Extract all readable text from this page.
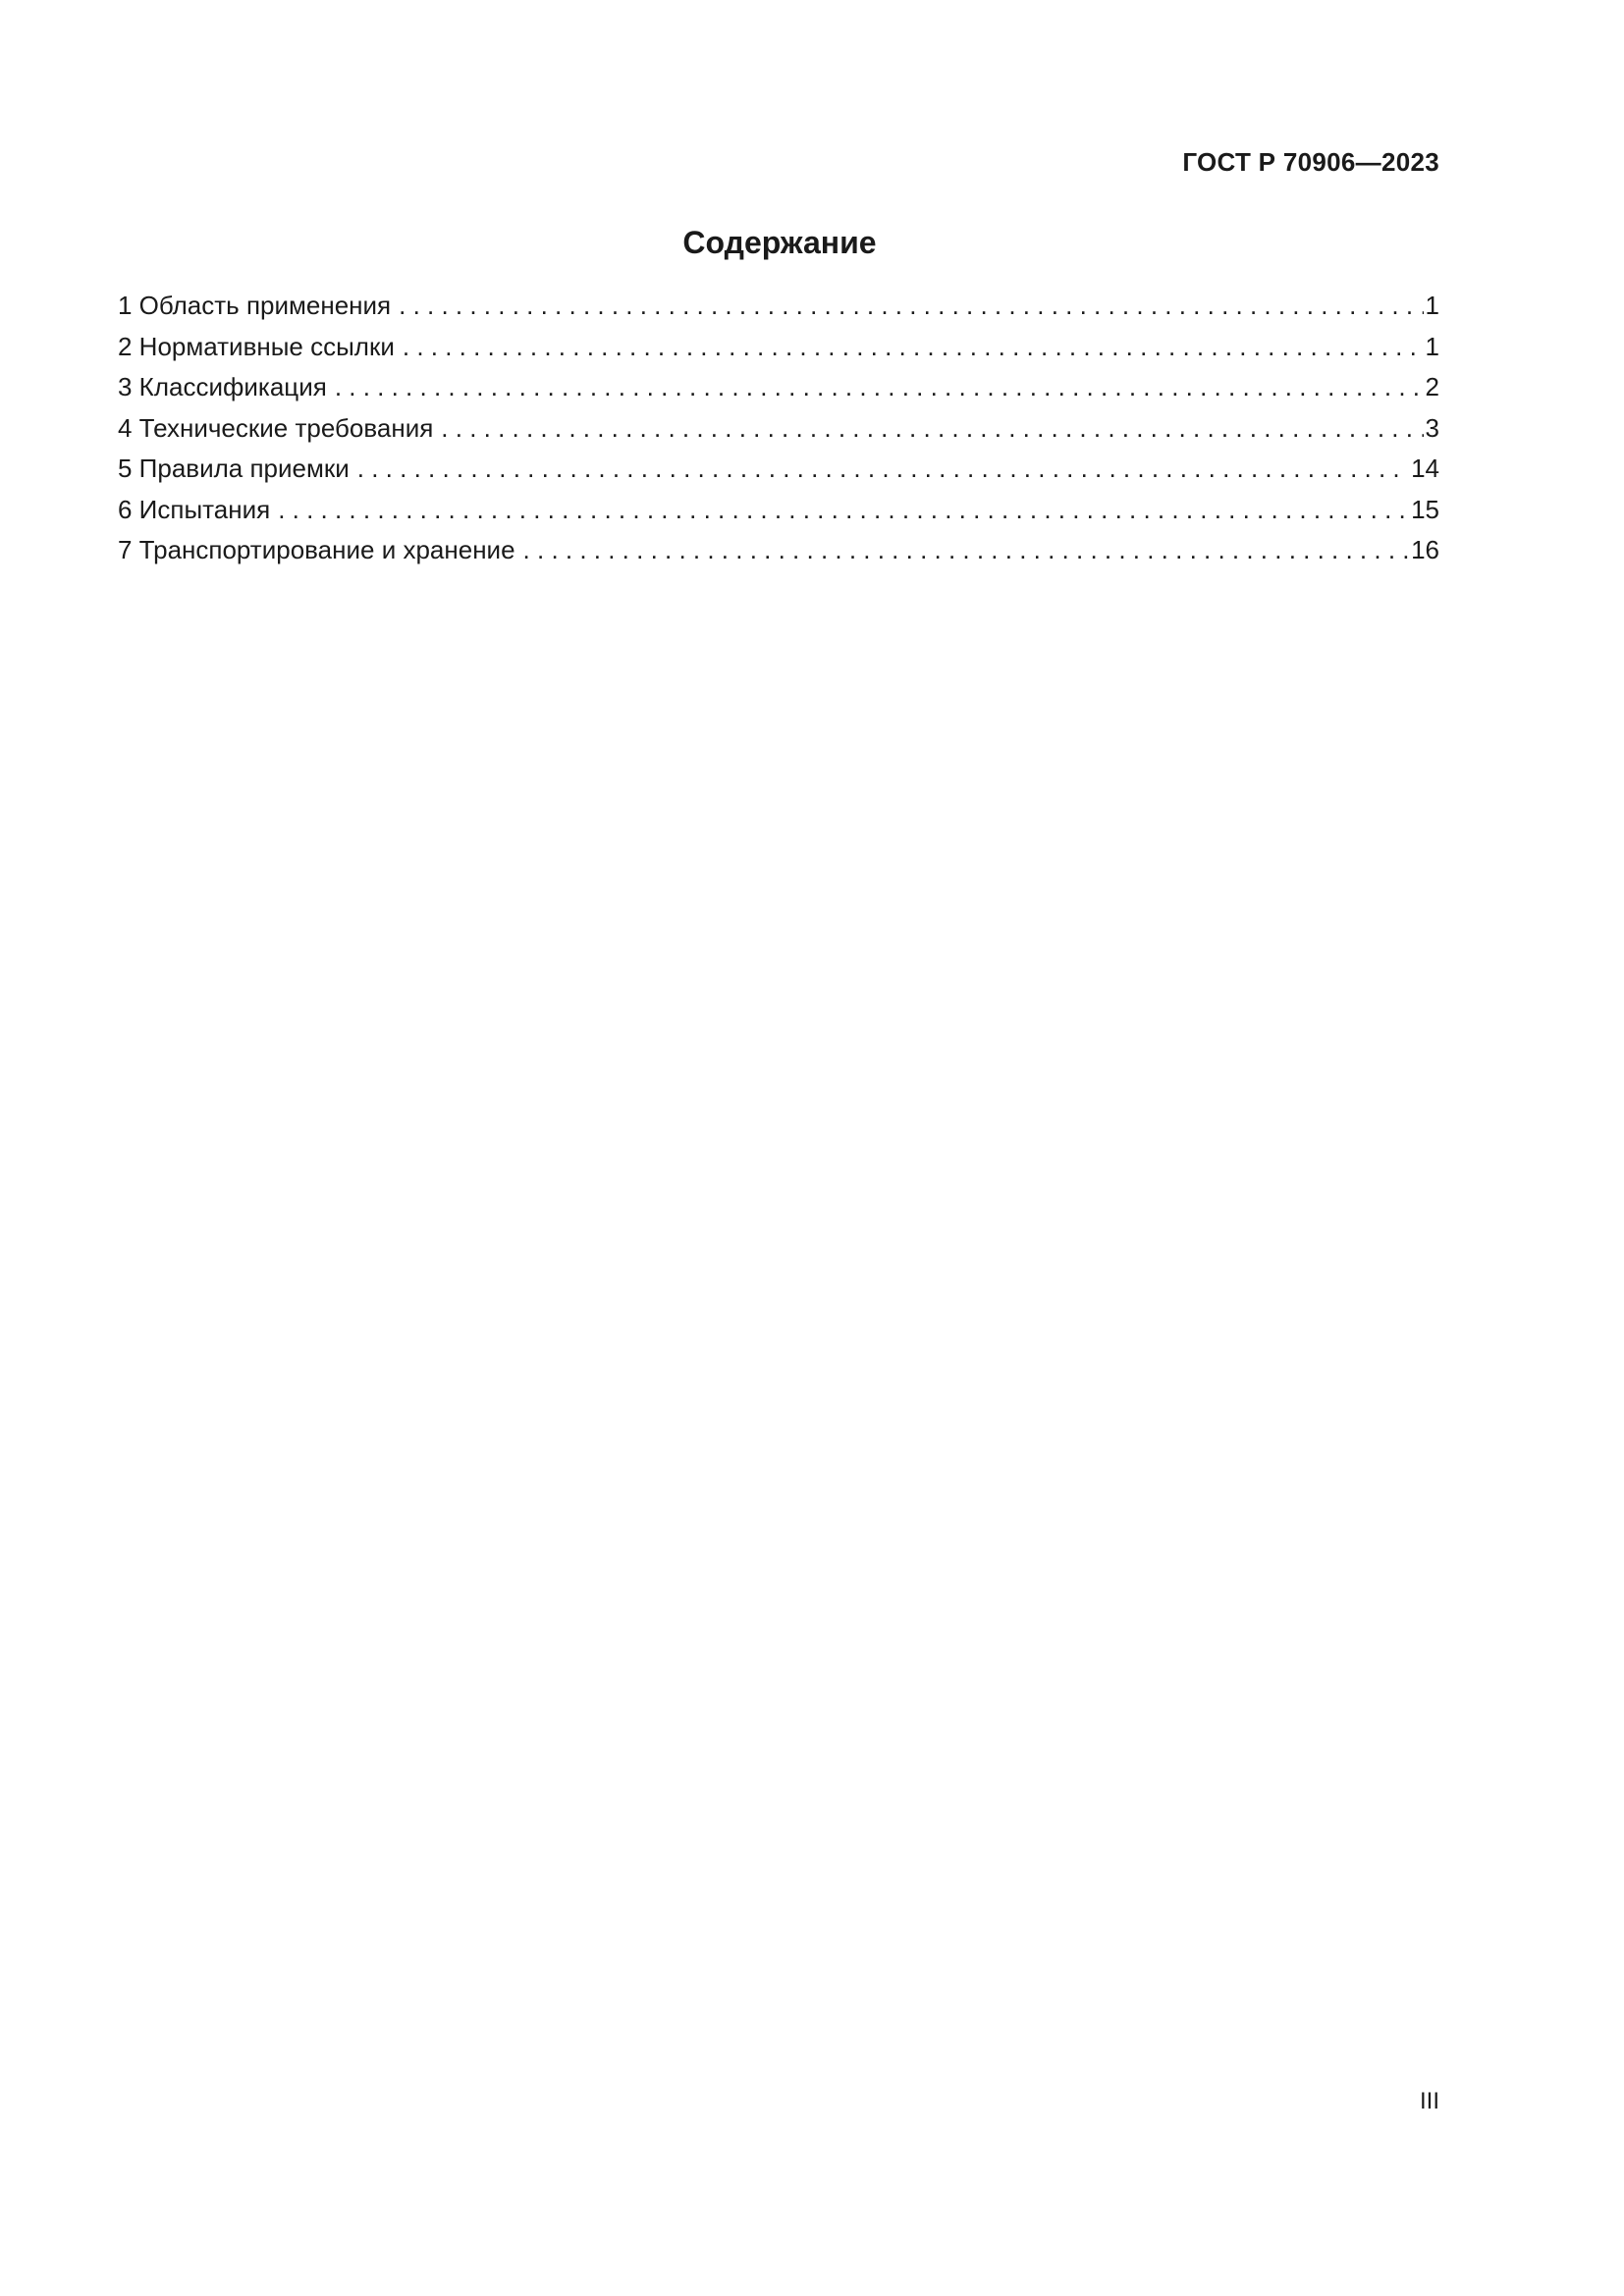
ГОСТ Р 70906—2023
Содержание
1 Область применения . . .	1
2 Нормативные ссылки . . .	1
3 Классификация . . .	2
4 Технические требования . . .	3
5 Правила приемки . . .	14
6 Испытания . . .	15
7 Транспортирование и хранение . . .	16
III
